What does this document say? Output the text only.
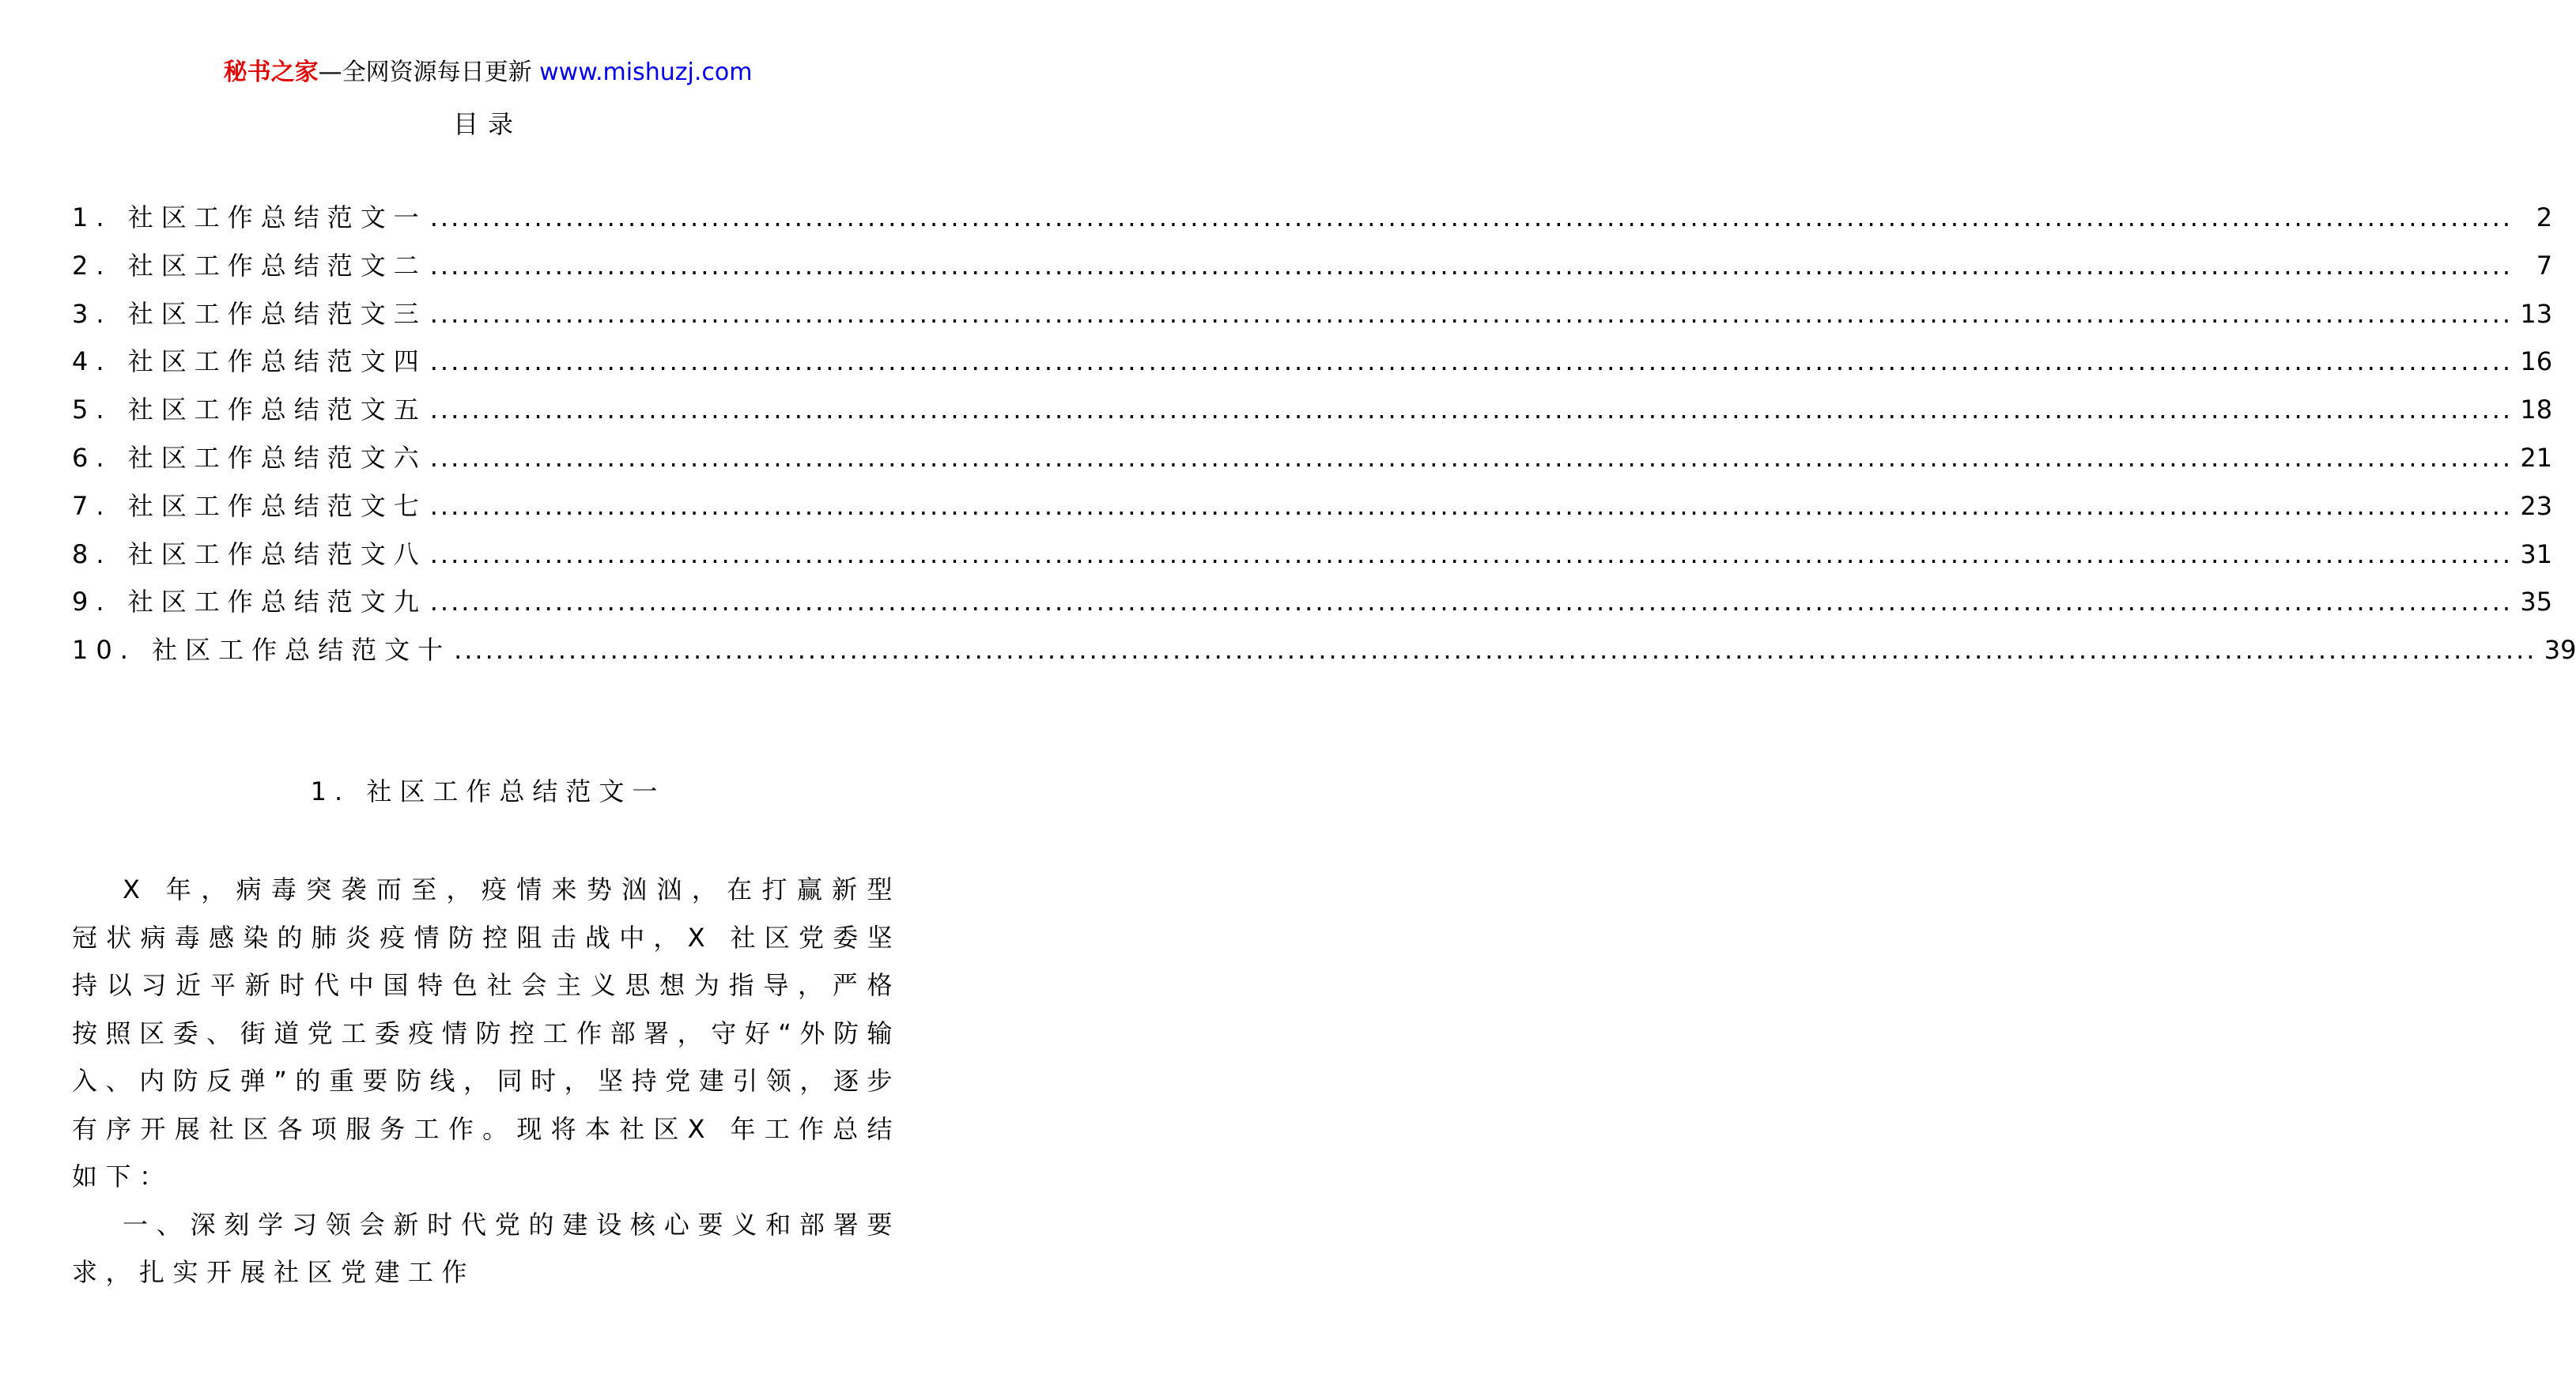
秘书之家—全网资源每日更新 www.mishuzj.com
目录
1. 社区工作总结范文一 ........................................................................................................................................................................................................ 2
2. 社区工作总结范文二 ........................................................................................................................................................................................................ 7
3. 社区工作总结范文三 ........................................................................................................................................................................................................ 13
4. 社区工作总结范文四 ........................................................................................................................................................................................................ 16
5. 社区工作总结范文五 ........................................................................................................................................................................................................ 18
6. 社区工作总结范文六 ........................................................................................................................................................................................................ 21
7. 社区工作总结范文七 ........................................................................................................................................................................................................ 23
8. 社区工作总结范文八 ........................................................................................................................................................................................................ 31
9. 社区工作总结范文九 ........................................................................................................................................................................................................ 35
10. 社区工作总结范文十 ........................................................................................................................................................................................................ 39
1. 社区工作总结范文一

X 年，病毒突袭而至，疫情来势汹汹，在打赢新型冠状病毒感染的肺炎疫情防控阻击战中，X 社区党委坚持以习近平新时代中国特色社会主义思想为指导，严格按照区委、街道党工委疫情防控工作部署，守好“外防输入、内防反弹”的重要防线，同时，坚持党建引领，逐步有序开展社区各项服务工作。现将本社区X 年工作总结如下：

一、深刻学习领会新时代党的建设核心要义和部署要求，扎实开展社区党建工作
